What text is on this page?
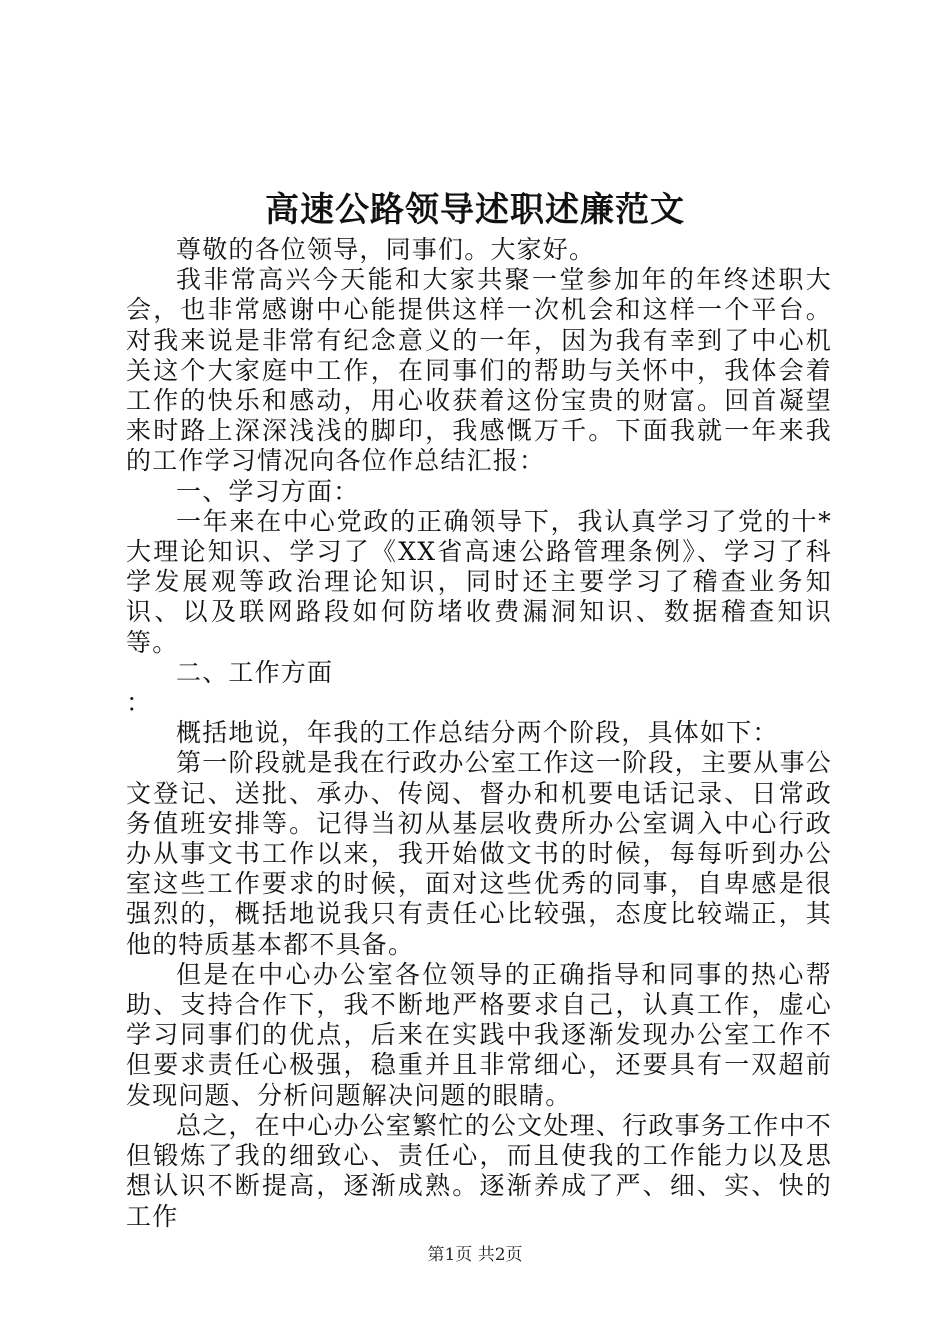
高速公路领导述职述廉范文

尊敬的各位领导，同事们。大家好。

我非常高兴今天能和大家共聚一堂参加年的年终述职大会，也非常感谢中心能提供这样一次机会和这样一个平台。对我来说是非常有纪念意义的一年，因为我有幸到了中心机关这个大家庭中工作，在同事们的帮助与关怀中，我体会着工作的快乐和感动，用心收获着这份宝贵的财富。回首凝望来时路上深深浅浅的脚印，我感慨万千。下面我就一年来我的工作学习情况向各位作总结汇报：

一、学习方面：

一年来在中心党政的正确领导下，我认真学习了党的十*大理论知识、学习了《XX省高速公路管理条例》、学习了科学发展观等政治理论知识，同时还主要学习了稽查业务知识、以及联网路段如何防堵收费漏洞知识、数据稽查知识等。

二、工作方面

：

概括地说，年我的工作总结分两个阶段，具体如下：

第一阶段就是我在行政办公室工作这一阶段，主要从事公文登记、送批、承办、传阅、督办和机要电话记录、日常政务值班安排等。记得当初从基层收费所办公室调入中心行政办从事文书工作以来，我开始做文书的时候，每每听到办公室这些工作要求的时候，面对这些优秀的同事，自卑感是很强烈的，概括地说我只有责任心比较强，态度比较端正，其他的特质基本都不具备。

但是在中心办公室各位领导的正确指导和同事的热心帮助、支持合作下，我不断地严格要求自己，认真工作，虚心学习同事们的优点，后来在实践中我逐渐发现办公室工作不但要求责任心极强，稳重并且非常细心，还要具有一双超前发现问题、分析问题解决问题的眼睛。

总之，在中心办公室繁忙的公文处理、行政事务工作中不但锻炼了我的细致心、责任心，而且使我的工作能力以及思想认识不断提高，逐渐成熟。逐渐养成了严、细、实、快的工作

第1页 共2页
